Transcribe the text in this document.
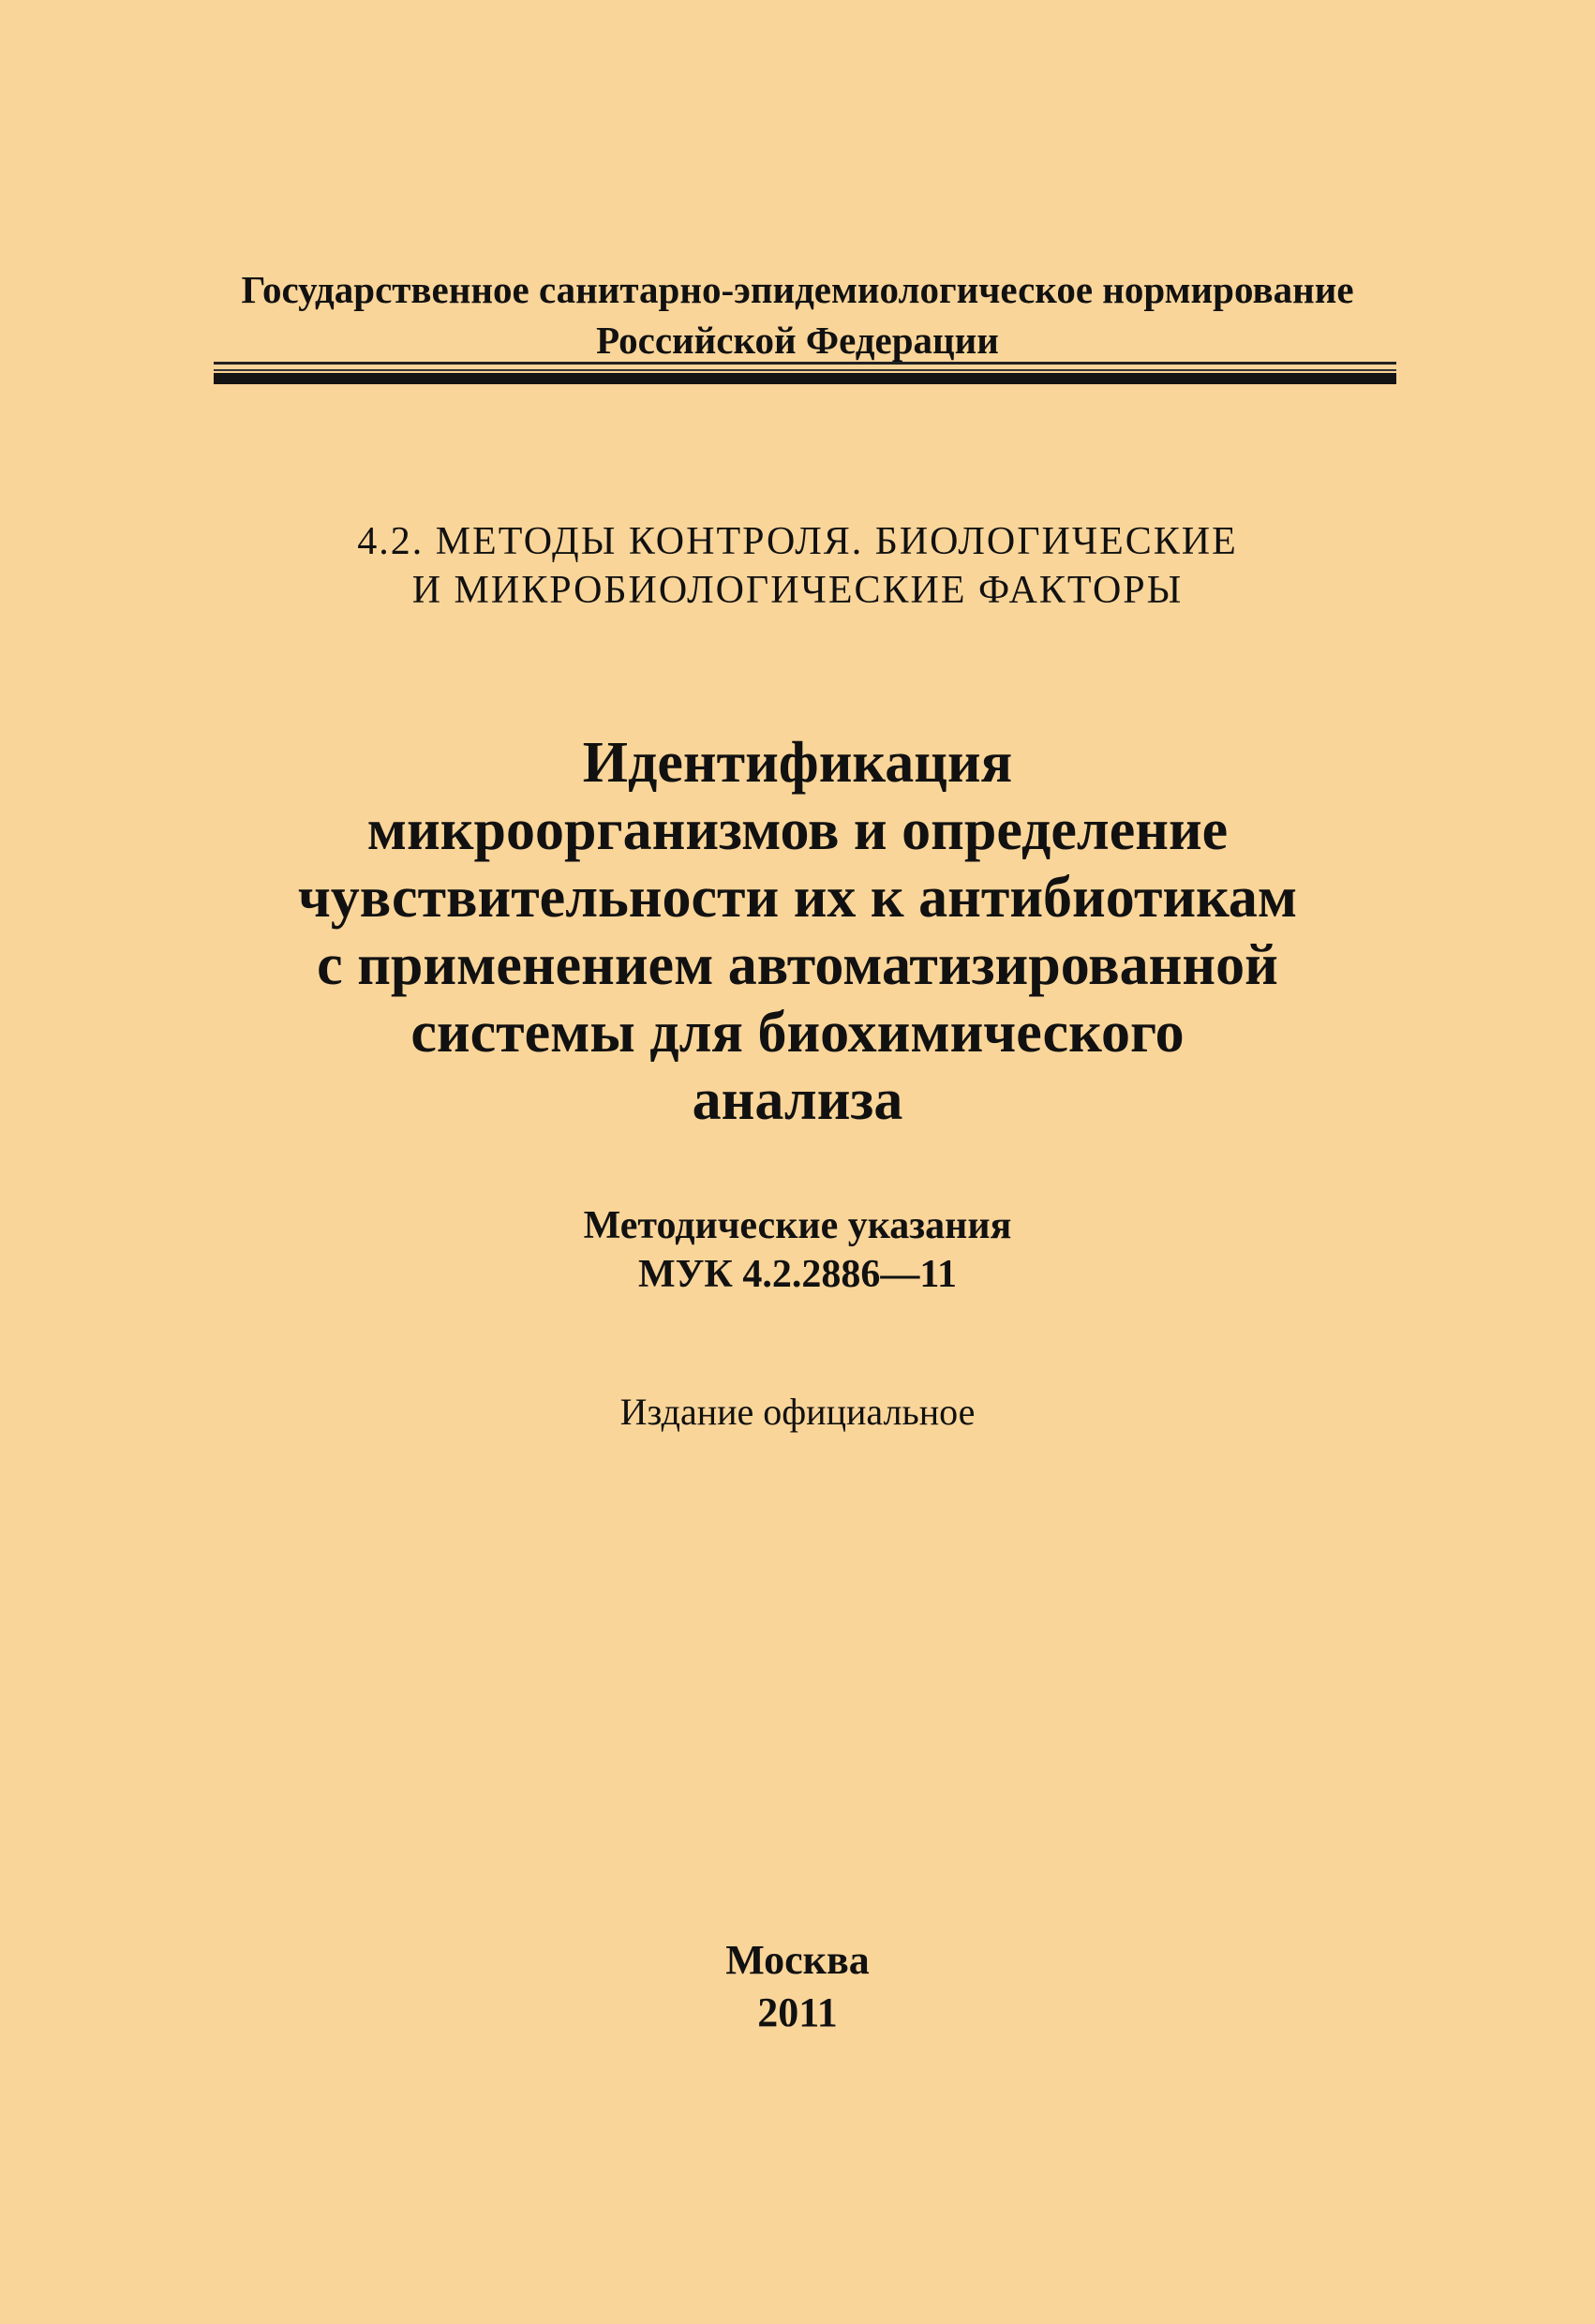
Государственное санитарно-эпидемиологическое нормирование
Российской Федерации
4.2. МЕТОДЫ КОНТРОЛЯ. БИОЛОГИЧЕСКИЕ
И МИКРОБИОЛОГИЧЕСКИЕ ФАКТОРЫ
Идентификация
микроорганизмов и определение
чувствительности их к антибиотикам
с применением автоматизированной
системы для биохимического
анализа
Методические указания
МУК 4.2.2886—11
Издание официальное
Москва
2011
